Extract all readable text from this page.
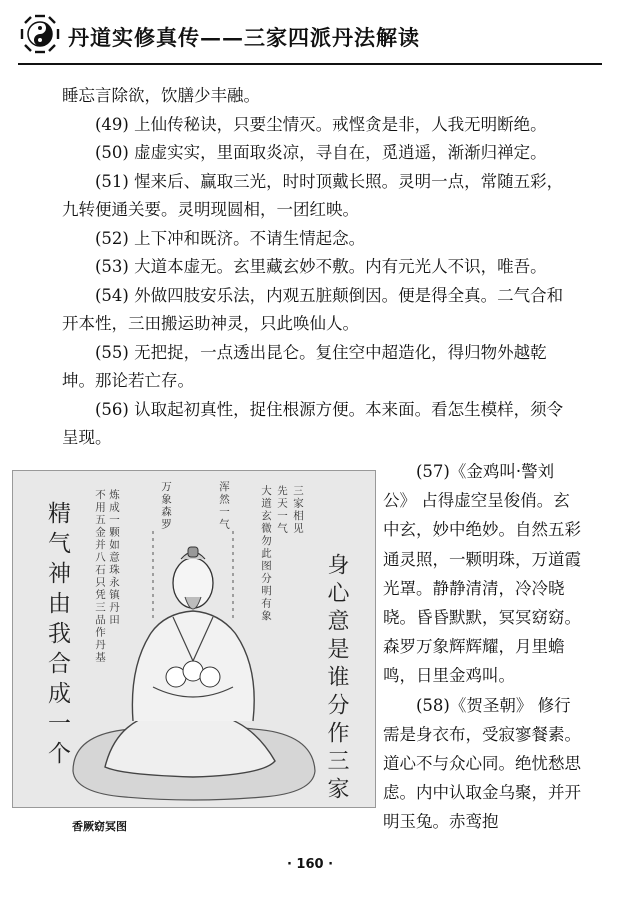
丹道实修真传——三家四派丹法解读

睡忘言除欲，饮膳少丰融。

(49) 上仙传秘诀，只要尘情灭。戒悭贪是非，人我无明断绝。

(50) 虚虚实实，里面取炎凉，寻自在，觅逍遥，渐渐归禅定。

(51) 惺来后、赢取三光，时时顶戴长照。灵明一点，常随五彩，九转便通关要。灵明现圆相，一团红映。

(52) 上下冲和既济。不请生情起念。

(53) 大道本虚无。玄里藏玄妙不敷。内有元光人不识，唯吾。

(54) 外做四肢安乐法，内观五脏颠倒因。便是得全真。二气合和开本性，三田搬运助神灵，只此唤仙人。

(55) 无把捉，一点透出昆仑。复住空中超造化，得归物外越乾坤。那论若亡存。

(56) 认取起初真性，捉住根源方便。本来面。看怎生模样，须令呈现。

精气神由我合成一个	身心意是谁分作三家
不用五金并八石只凭三品作丹基 炼成一颗如意珠永镇丹田	万象森罗	浑然一气	大道玄微勿此图分明有象 先天一气 三家相见
香厥窈冥图

(57)《金鸡叫·警刘公》 占得虚空呈俊俏。玄中玄，妙中绝妙。自然五彩通灵照，一颗明珠，万道霞光罩。静静清清，冷冷晓晓。昏昏默默，冥冥窈窈。森罗万象辉辉耀，月里蟾鸣，日里金鸡叫。

(58)《贺圣朝》 修行需是身衣布，受寂寥餐素。道心不与众心同。绝忧愁思虑。内中认取金乌聚，并开明玉兔。赤鸾抱

· 160 ·
